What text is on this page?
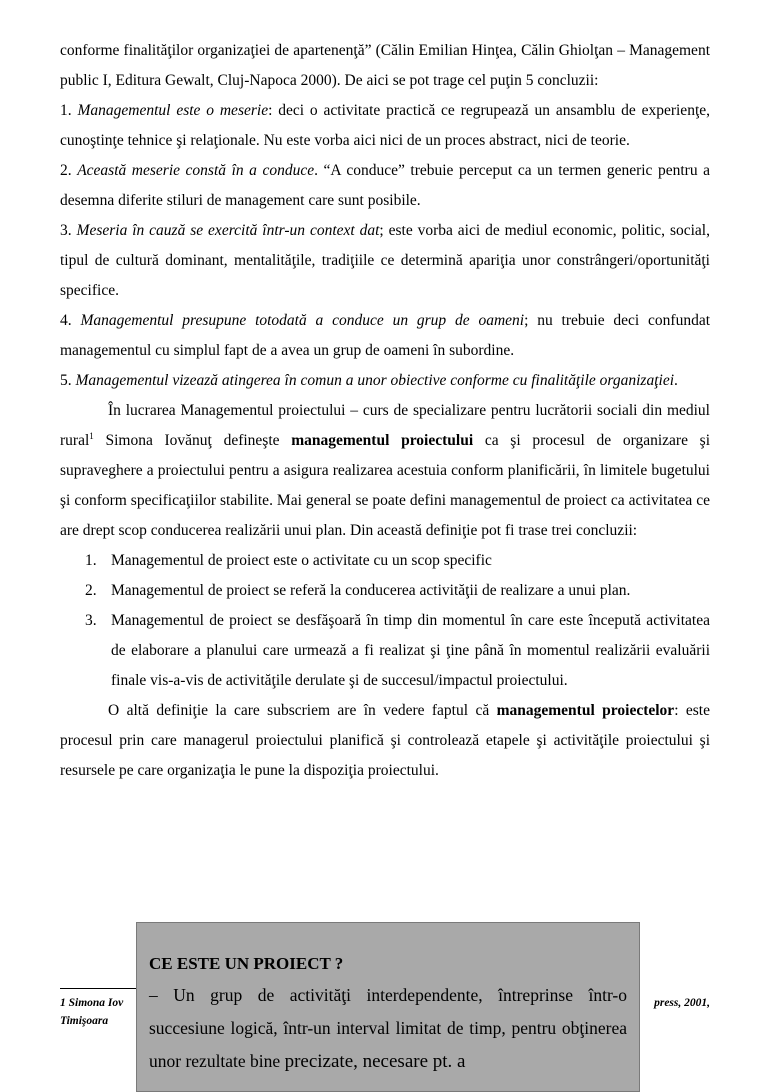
conforme finalităţilor organizaţiei de apartenenţă” (Călin Emilian Hinţea, Călin Ghiolţan – Management public I, Editura Gewalt, Cluj-Napoca 2000). De aici se pot trage cel puţin 5 concluzii:

1. Managementul este o meserie: deci o activitate practică ce regrupează un ansamblu de experienţe, cunoştinţe tehnice şi relaţionale. Nu este vorba aici nici de un proces abstract, nici de teorie.

2. Această meserie constă în a conduce. “A conduce” trebuie perceput ca un termen generic pentru a desemna diferite stiluri de management care sunt posibile.

3. Meseria în cauză se exercită într-un context dat; este vorba aici de mediul economic, politic, social, tipul de cultură dominant, mentalităţile, tradiţiile ce determină apariţia unor constrângeri/oportunităţi specifice.

4. Managementul presupune totodată a conduce un grup de oameni; nu trebuie deci confundat managementul cu simplul fapt de a avea un grup de oameni în subordine.

5. Managementul vizează atingerea în comun a unor obiective conforme cu finalităţile organizaţiei.

În lucrarea Managementul proiectului – curs de specializare pentru lucrătorii sociali din mediul rural$^1$ Simona Iovănuţ defineşte managementul proiectului ca şi procesul de organizare şi supraveghere a proiectului pentru a asigura realizarea acestuia conform planificării, în limitele bugetului şi conform specificaţiilor stabilite. Mai general se poate defini managementul de proiect ca activitatea ce are drept scop conducerea realizării unui plan. Din această definiţie pot fi trase trei concluzii:

1. Managementul de proiect este o activitate cu un scop specific
2. Managementul de proiect se referă la conducerea activităţii de realizare a unui plan.
3. Managementul de proiect se desfăşoară în timp din momentul în care este începută activitatea de elaborare a planului care urmează a fi realizat şi ţine până în momentul realizării evaluării finale vis-a-vis de activităţile derulate şi de succesul/impactul proiectului.

O altă definiţie la care subscriem are în vedere faptul că managementul proiectelor: este procesul prin care managerul proiectului planifică şi controlează etapele şi activităţile proiectului şi resursele pe care organizaţia le pune la dispoziţia proiectului.

1 Simona Iov
Timişoara
press, 2001,
CE ESTE UN PROIECT ?
– Un grup de activităţi interdependente, întreprinse într-o succesiune logică, într-un interval limitat de timp, pentru obţinerea unor rezultate bine precizate, necesare pt. a
